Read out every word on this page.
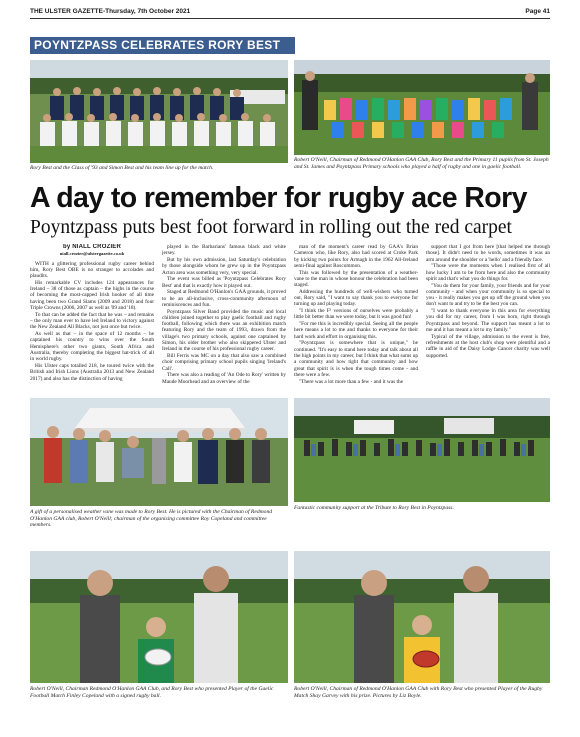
THE ULSTER GAZETTE-Thursday, 7th October 2021	Page 41
POYNTZPASS CELEBRATES RORY BEST
Rory Best and the Class of '93 and Simon Best and his team line up for the match.
Robert O'Neill, Chairman of Redmond O'Hanlon GAA Club, Rory Best and the Primary 11 pupils from St. Joseph and St. James and Poyntzpass Primary schools who played a half of rugby and one in gaelic football.
A day to remember for rugby ace Rory
Poyntzpass puts best foot forward in rolling out the red carpet
by NIALL CROZIER
niall.crozier@ulstergazette.co.uk

WITH a glittering professional rugby career behind him, Rory Best OBE is no stranger to accolades and plaudits.

His remarkable CV includes 124 appearances for Ireland – 38 of those as captain – the highs in the course of becoming the most-capped Irish hooker of all time having been two Grand Slams (2009 and 2018) and four Triple Crowns (2006, 2007 as well as '09 and '18).

To that can be added the fact that he was – and remains – the only man ever to have led Ireland to victory against the New Zealand All Blacks, not just once but twice.

As well as that – in the space of 12 months – he captained his country to wins over the South Hemisphere's other two giants, South Africa and Australia, thereby completing the biggest hat-trick of all in world rugby.

His Ulster caps totalled 218, he toured twice with the British and Irish Lions (Australia 2013 and New Zealand 2017) and also has the distinction of having

played in the Barbarians' famous black and white jersey.

But by his own admission, last Saturday's celebration by those alongside whom he grew up in the Poyntzpass Acton area was something very, very special.

The event was billed as 'Poyntzpass Celebrates Rory Best' and that is exactly how it played out.

Staged at Redmond O'Hanlon's GAA grounds, it proved to be an all-inclusive, cross-community afternoon of reminiscences and fun.

Poyntzpass Silver Band provided the music and local children joined together to play gaelic football and rugby football, following which there was an exhibition match featuring Rory and the team of 1993, drawn from the village's two primary schools, against one captained by Simon, his older brother who also skippered Ulster and Ireland in the course of his professional rugby career.

Bill Ferris was MC on a day that also saw a combined choir comprising primary school pupils singing 'Ireland's Call'.

There was also a reading of 'An Ode to Rory' written by Maude Moorhead and an overview of the

man of the moment's career read by GAA's Brian Cameron who, like Rory, also had scored at Croke Park by kicking two points for Armagh in the 1962 All-Ireland semi-final against Roscommon.

This was followed by the presentation of a weather-vane to the man in whose honour the celebration had been staged.

Addressing the hundreds of well-wishers who turned out, Rory said, "I want to say thank you to everyone for turning up and playing today.

"I think the F¹ versions of ourselves were probably a little bit better than we were today, but it was good fun!

"For me this is incredibly special. Seeing all the people here means a lot to me and thanks to everyone for their hard work and effort in organising this.

"Poyntzpass is somewhere that is unique," he continued. "It's easy to stand here today and talk about all the high points in my career, but I think that what sums up a community and how tight that community and how great that spirit is is when the tough times come - and there were a few.

"There was a lot more than a few - and it was the

support that I got from here [that helped me through those]. It didn't need to be words, sometimes it was an arm around the shoulder or a 'hello' and a friendly face.

"Those were the moments when I realised first of all how lucky I am to be from here and also the community spirit and that's what you do things for.

"You do them for your family, your friends and for your community - and when your community is so special to you - it really makes you get up off the ground when you don't want to and try to be the best you can.

"I want to thank everyone in this area for everything you did for my career, from I was born, right through Poyntzpass and beyond. The support has meant a lot to me and it has meant a lot to my family."

Typical of the village, admission to the event is free, refreshments at the host club's shop were plentiful and a raffle in aid of the Daisy Lodge Cancer charity was well supported.

A gift of a personalised weather vane was made to Rory Best. He is pictured with the Chairman of Redmond O'Hanlon GAA club, Robert O'Neill; chairman of the organising committee Roy Copeland and committee members.
Fantastic community support at the Tribute to Rory Best in Poyntzpass.
Robert O'Neill, Chairman Redmond O'Hanlon GAA Club, and Rory Best who presented Player of the Gaelic Football Match Finley Copeland with a signed rugby ball.
Robert O'Neill, Chairman of Redmond O'Hanlon GAA Club with Rory Best who presented Player of the Rugby Match Shay Garvey with his prize. Pictures by Liz Boyle.
